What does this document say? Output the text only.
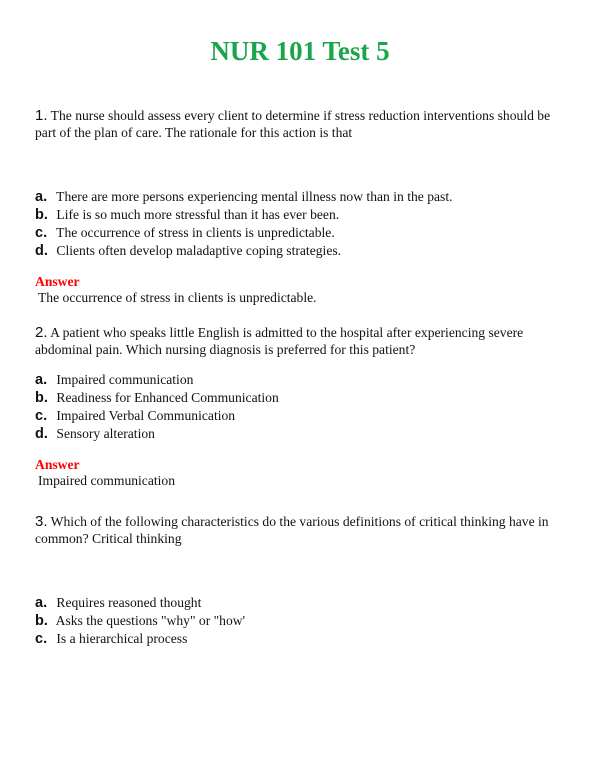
NUR 101 Test 5
1. The nurse should assess every client to determine if stress reduction interventions should be part of the plan of care. The rationale for this action is that
a. There are more persons experiencing mental illness now than in the past.
b. Life is so much more stressful than it has ever been.
c. The occurrence of stress in clients is unpredictable.
d. Clients often develop maladaptive coping strategies.
Answer
The occurrence of stress in clients is unpredictable.
2. A patient who speaks little English is admitted to the hospital after experiencing severe abdominal pain. Which nursing diagnosis is preferred for this patient?
a. Impaired communication
b. Readiness for Enhanced Communication
c. Impaired Verbal Communication
d. Sensory alteration
Answer
Impaired communication
3. Which of the following characteristics do the various definitions of critical thinking have in common? Critical thinking
a. Requires reasoned thought
b. Asks the questions "why" or "how'
c. Is a hierarchical process
